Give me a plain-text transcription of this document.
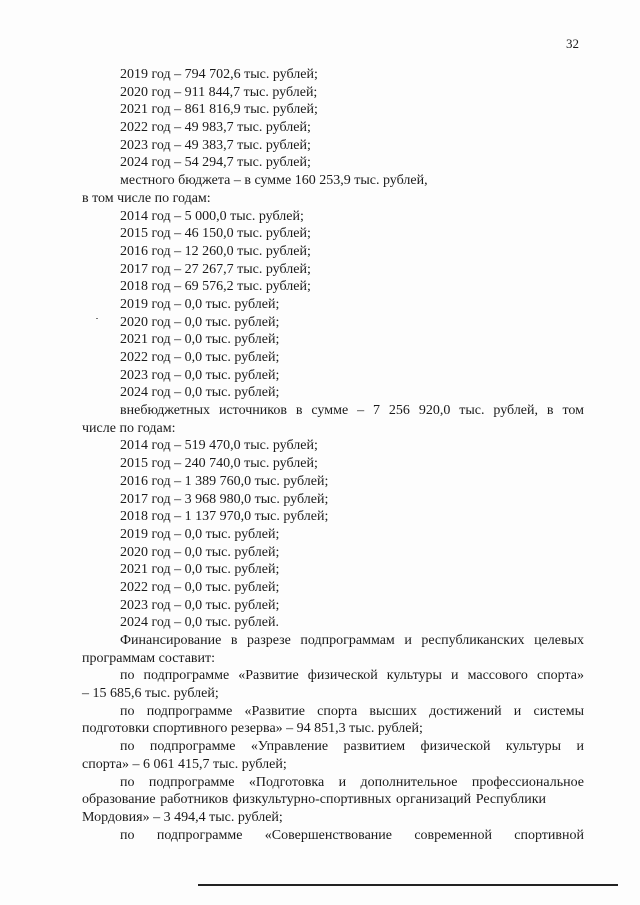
32
2019 год – 794 702,6 тыс. рублей;
2020 год – 911 844,7 тыс. рублей;
2021 год – 861 816,9 тыс. рублей;
2022 год – 49 983,7 тыс. рублей;
2023 год – 49 383,7 тыс. рублей;
2024 год – 54 294,7 тыс. рублей;
местного бюджета – в сумме 160 253,9 тыс. рублей,
в том числе по годам:
2014 год – 5 000,0 тыс. рублей;
2015 год – 46 150,0 тыс. рублей;
2016 год – 12 260,0 тыс. рублей;
2017 год – 27 267,7 тыс. рублей;
2018 год – 69 576,2 тыс. рублей;
2019 год – 0,0 тыс. рублей;
2020 год – 0,0 тыс. рублей;
2021 год – 0,0 тыс. рублей;
2022 год – 0,0 тыс. рублей;
2023 год – 0,0 тыс. рублей;
2024 год – 0,0 тыс. рублей;
внебюджетных источников в сумме – 7 256 920,0 тыс. рублей, в том
числе по годам:
2014 год – 519 470,0 тыс. рублей;
2015 год – 240 740,0 тыс. рублей;
2016 год – 1 389 760,0 тыс. рублей;
2017 год – 3 968 980,0 тыс. рублей;
2018 год – 1 137 970,0 тыс. рублей;
2019 год – 0,0 тыс. рублей;
2020 год – 0,0 тыс. рублей;
2021 год – 0,0 тыс. рублей;
2022 год – 0,0 тыс. рублей;
2023 год – 0,0 тыс. рублей;
2024 год – 0,0 тыс. рублей.
Финансирование в разрезе подпрограммам и республиканских целевых
программам составит:
по подпрограмме «Развитие физической культуры и массового спорта»
– 15 685,6 тыс. рублей;
по подпрограмме «Развитие спорта высших достижений и системы
подготовки спортивного резерва» – 94 851,3 тыс. рублей;
по подпрограмме «Управление развитием физической культуры и
спорта» – 6 061 415,7 тыс. рублей;
по подпрограмме «Подготовка и дополнительное профессиональное
образование работников физкультурно-спортивных организаций Республики
Мордовия» – 3 494,4 тыс. рублей;
по подпрограмме «Совершенствование современной спортивной
